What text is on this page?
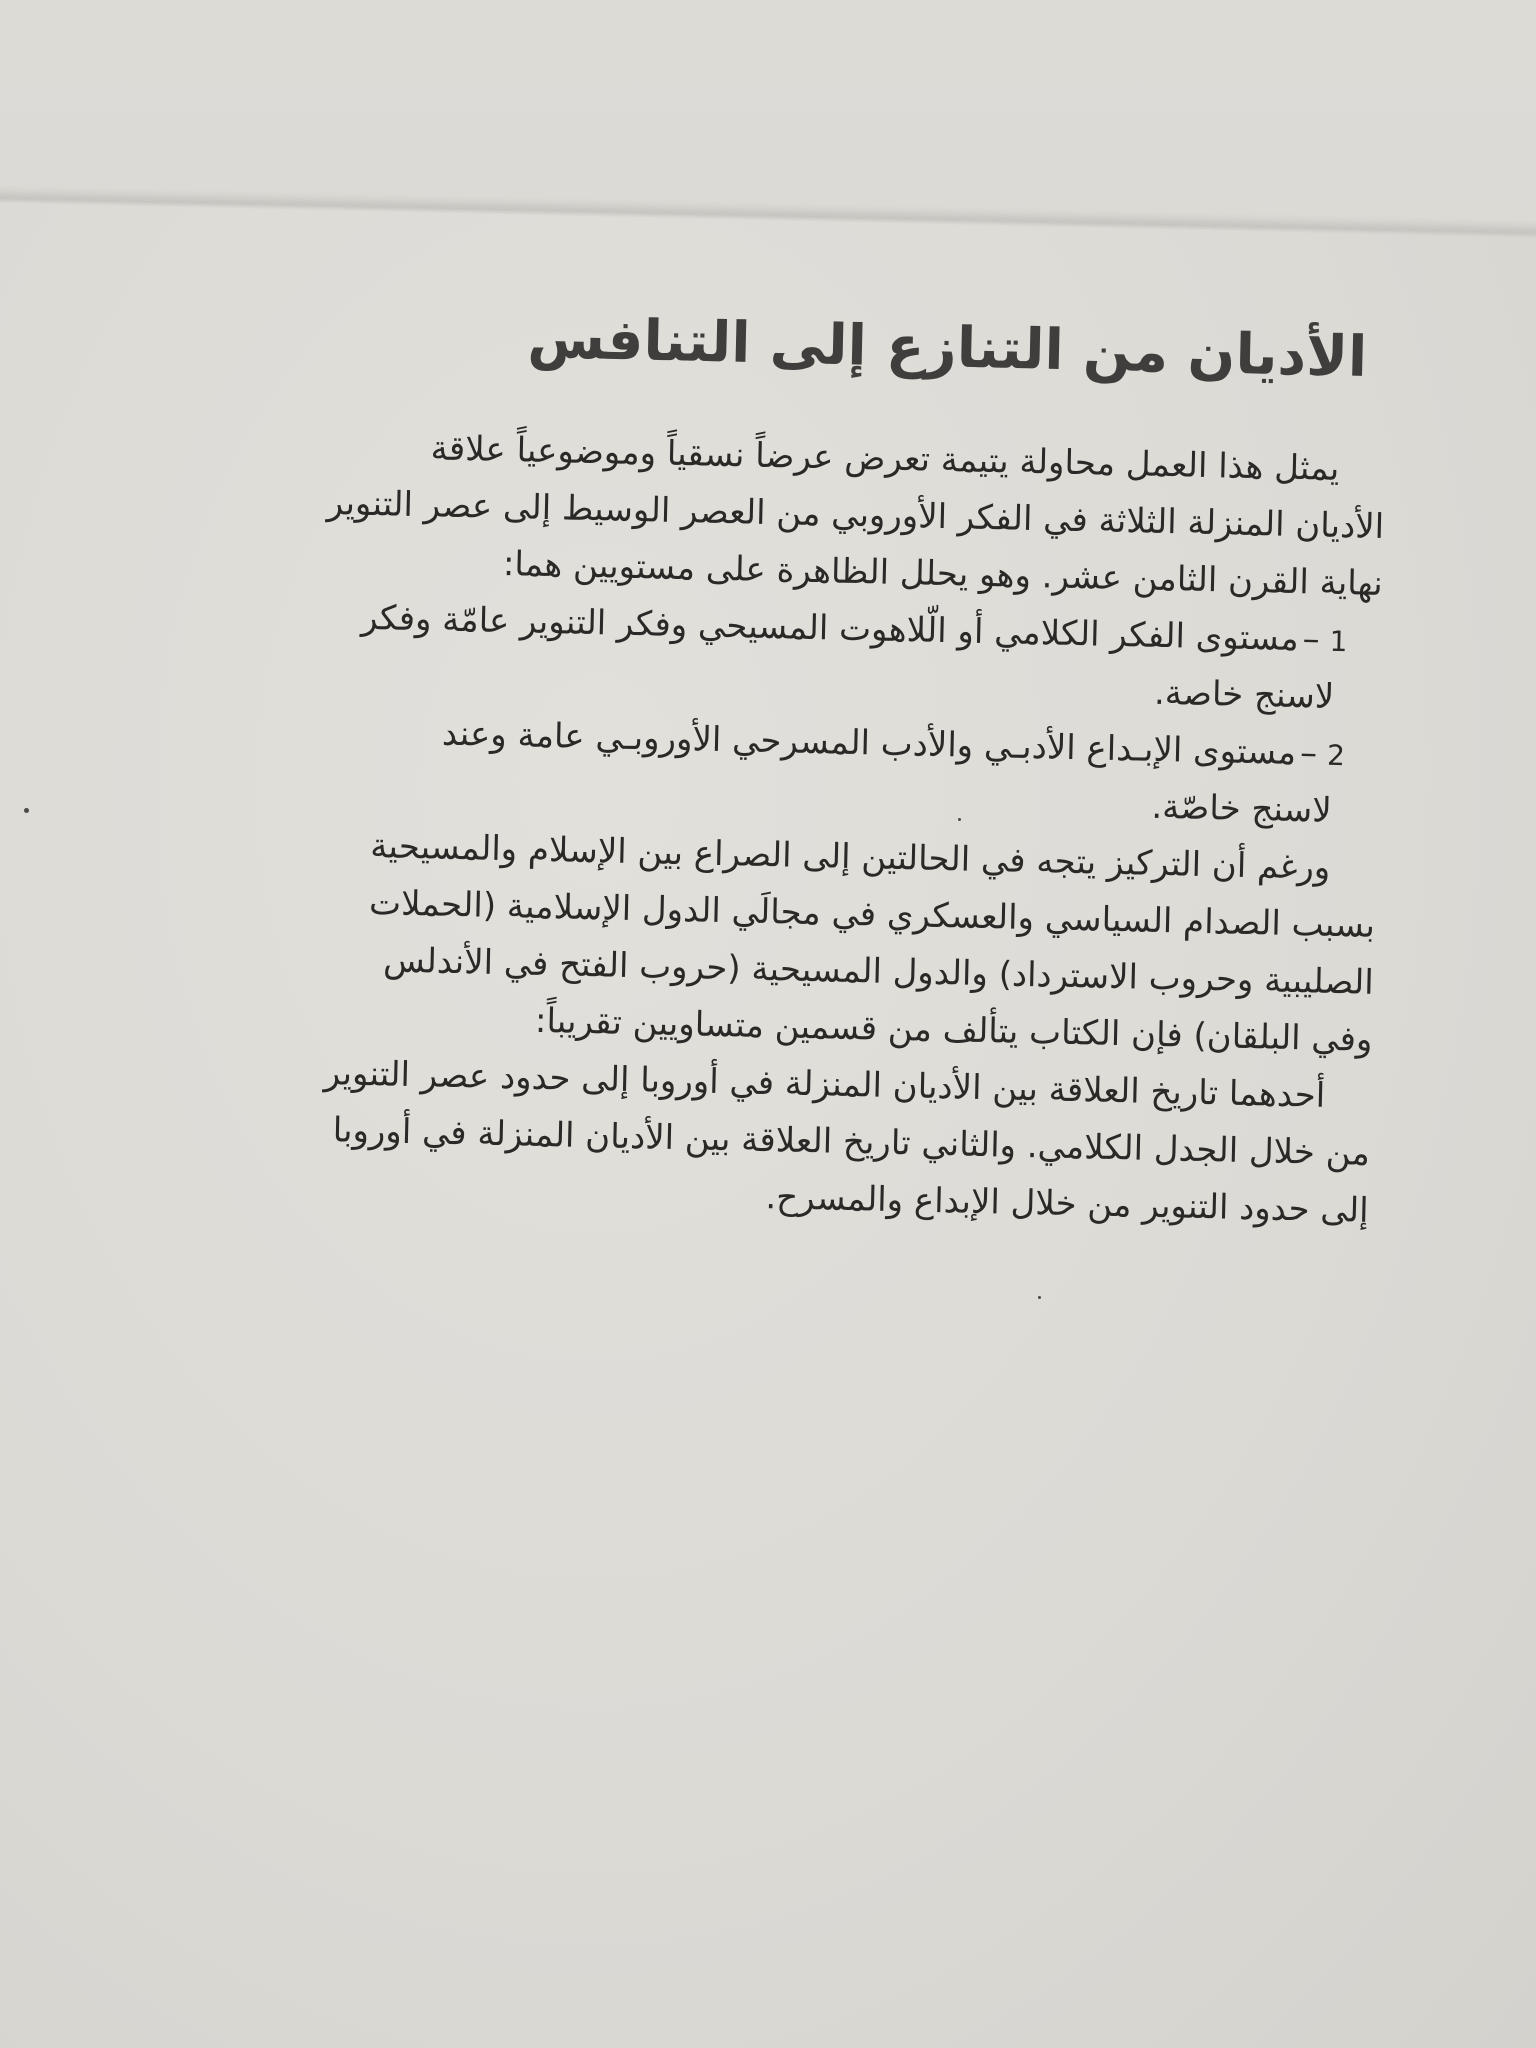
الأديان من التنازع إلى التنافس
يمثل هذا العمل محاولة يتيمة تعرض عرضاً نسقياً وموضوعياً علاقة
الأديان المنزلة الثلاثة في الفكر الأوروبي من العصر الوسيط إلى عصر التنوير
نهاية القرن الثامن عشر. وهو يحلل الظاهرة على مستويين هما:
1–مستوى الفكر الكلامي أو الّلاهوت المسيحي وفكر التنوير عامّة وفكر
لاسنج خاصة.
2–مستوى الإبـداع الأدبـي والأدب المسرحي الأوروبـي عامة وعند
لاسنج خاصّة.
ورغم أن التركيز يتجه في الحالتين إلى الصراع بين الإسلام والمسيحية
بسبب الصدام السياسي والعسكري في مجالَي الدول الإسلامية (الحملات
الصليبية وحروب الاسترداد) والدول المسيحية (حروب الفتح في الأندلس
وفي البلقان) فإن الكتاب يتألف من قسمين متساويين تقريباً:
أحدهما تاريخ العلاقة بين الأديان المنزلة في أوروبا إلى حدود عصر التنوير
من خلال الجدل الكلامي. والثاني تاريخ العلاقة بين الأديان المنزلة في أوروبا
إلى حدود التنوير من خلال الإبداع والمسرح.
